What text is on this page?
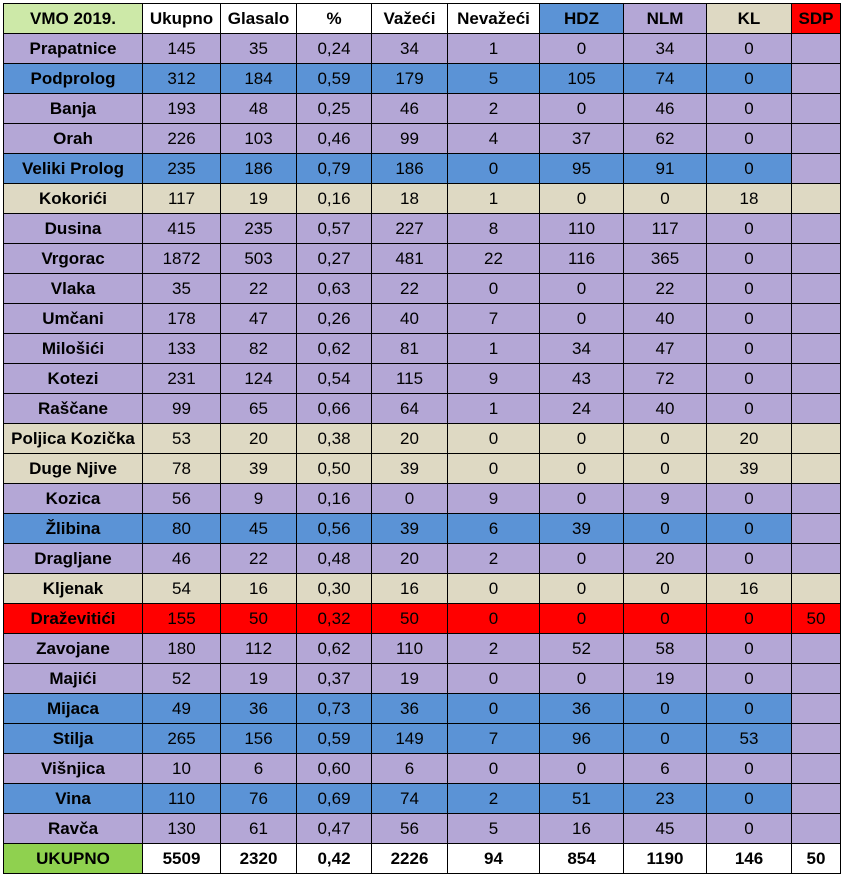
VMO 2019.	Ukupno	Glasalo	%	Važeći	Nevažeći	HDZ	NLM	KL	SDP
Prapatnice	145	35	0,24	34	1	0	34	0	
Podprolog	312	184	0,59	179	5	105	74	0	
Banja	193	48	0,25	46	2	0	46	0	
Orah	226	103	0,46	99	4	37	62	0	
Veliki Prolog	235	186	0,79	186	0	95	91	0	
Kokorići	117	19	0,16	18	1	0	0	18	
Dusina	415	235	0,57	227	8	110	117	0	
Vrgorac	1872	503	0,27	481	22	116	365	0	
Vlaka	35	22	0,63	22	0	0	22	0	
Umčani	178	47	0,26	40	7	0	40	0	
Milošići	133	82	0,62	81	1	34	47	0	
Kotezi	231	124	0,54	115	9	43	72	0	
Raščane	99	65	0,66	64	1	24	40	0	
Poljica Kozička	53	20	0,38	20	0	0	0	20	
Duge Njive	78	39	0,50	39	0	0	0	39	
Kozica	56	9	0,16	0	9	0	9	0	
Žlibina	80	45	0,56	39	6	39	0	0	
Dragljane	46	22	0,48	20	2	0	20	0	
Kljenak	54	16	0,30	16	0	0	0	16	
Draževitići	155	50	0,32	50	0	0	0	0	50
Zavojane	180	112	0,62	110	2	52	58	0	
Majići	52	19	0,37	19	0	0	19	0	
Mijaca	49	36	0,73	36	0	36	0	0	
Stilja	265	156	0,59	149	7	96	0	53	
Višnjica	10	6	0,60	6	0	0	6	0	
Vina	110	76	0,69	74	2	51	23	0	
Ravča	130	61	0,47	56	5	16	45	0	
UKUPNO	5509	2320	0,42	2226	94	854	1190	146	50
